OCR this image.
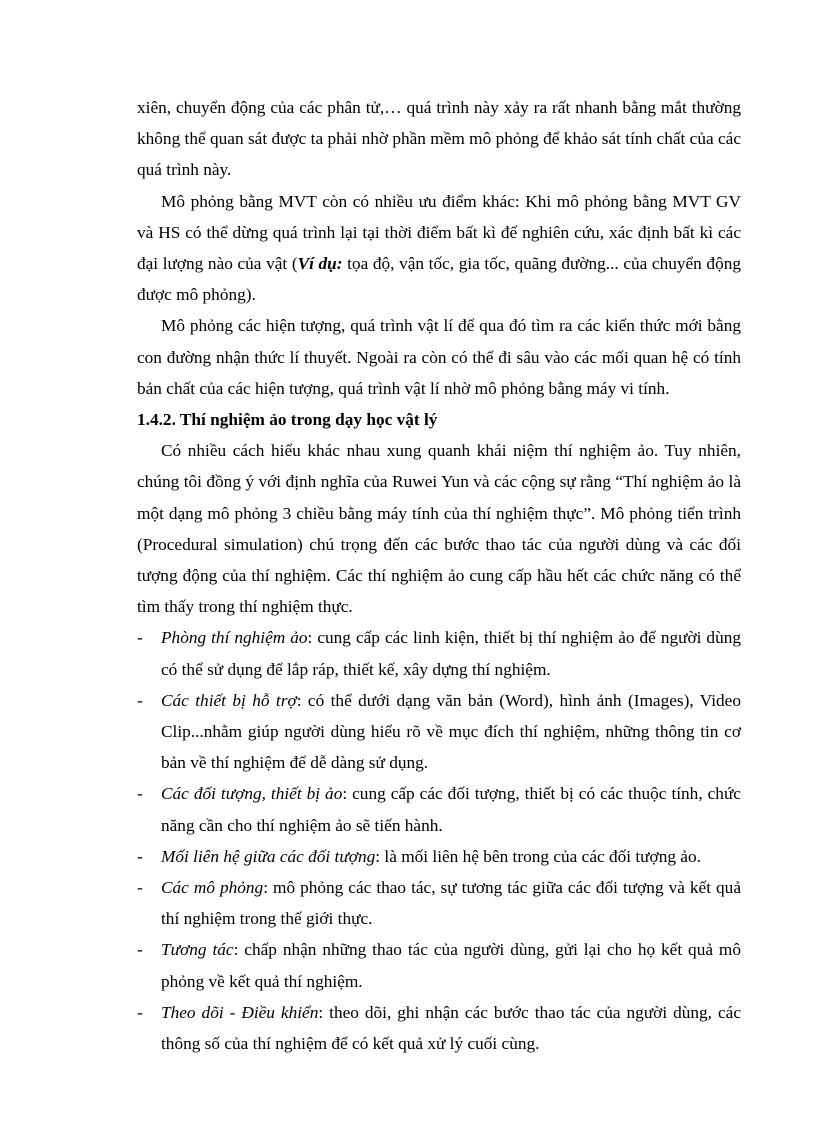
xiên, chuyển động của các phân tử,… quá trình này xảy ra rất nhanh bằng mắt thường không thể quan sát được ta phải nhờ phần mềm mô phỏng để khảo sát tính chất của các quá trình này.

Mô phỏng bằng MVT còn có nhiều ưu điểm khác: Khi mô phỏng bằng MVT GV và HS có thể dừng quá trình lại tại thời điểm bất kì để nghiên cứu, xác định bất kì các đại lượng nào của vật (Ví dụ: tọa độ, vận tốc, gia tốc, quãng đường... của chuyển động được mô phỏng).

Mô phỏng các hiện tượng, quá trình vật lí để qua đó tìm ra các kiến thức mới bằng con đường nhận thức lí thuyết. Ngoài ra còn có thể đi sâu vào các mối quan hệ có tính bản chất của các hiện tượng, quá trình vật lí nhờ mô phỏng bằng máy vi tính.

1.4.2. Thí nghiệm ảo trong dạy học vật lý

Có nhiều cách hiểu khác nhau xung quanh khái niệm thí nghiệm ảo. Tuy nhiên, chúng tôi đồng ý với định nghĩa của Ruwei Yun và các cộng sự rằng “Thí nghiệm ảo là một dạng mô phỏng 3 chiều bằng máy tính của thí nghiệm thực”. Mô phỏng tiến trình (Procedural simulation) chú trọng đến các bước thao tác của người dùng và các đối tượng động của thí nghiệm. Các thí nghiệm ảo cung cấp hầu hết các chức năng có thể tìm thấy trong thí nghiệm thực.

- Phòng thí nghiệm ảo: cung cấp các linh kiện, thiết bị thí nghiệm ảo để người dùng có thể sử dụng để lắp ráp, thiết kế, xây dựng thí nghiệm.
- Các thiết bị hỗ trợ: có thể dưới dạng văn bản (Word), hình ảnh (Images), Video Clip...nhằm giúp người dùng hiểu rõ về mục đích thí nghiệm, những thông tin cơ bản về thí nghiệm để dễ dàng sử dụng.
- Các đối tượng, thiết bị ảo: cung cấp các đối tượng, thiết bị có các thuộc tính, chức năng cần cho thí nghiệm ảo sẽ tiến hành.
- Mối liên hệ giữa các đối tượng: là mối liên hệ bên trong của các đối tượng ảo.
- Các mô phỏng: mô phỏng các thao tác, sự tương tác giữa các đối tượng và kết quả thí nghiệm trong thế giới thực.
- Tương tác: chấp nhận những thao tác của người dùng, gửi lại cho họ kết quả mô phỏng về kết quả thí nghiệm.
- Theo dõi - Điều khiển: theo dõi, ghi nhận các bước thao tác của người dùng, các thông số của thí nghiệm để có kết quả xử lý cuối cùng.
